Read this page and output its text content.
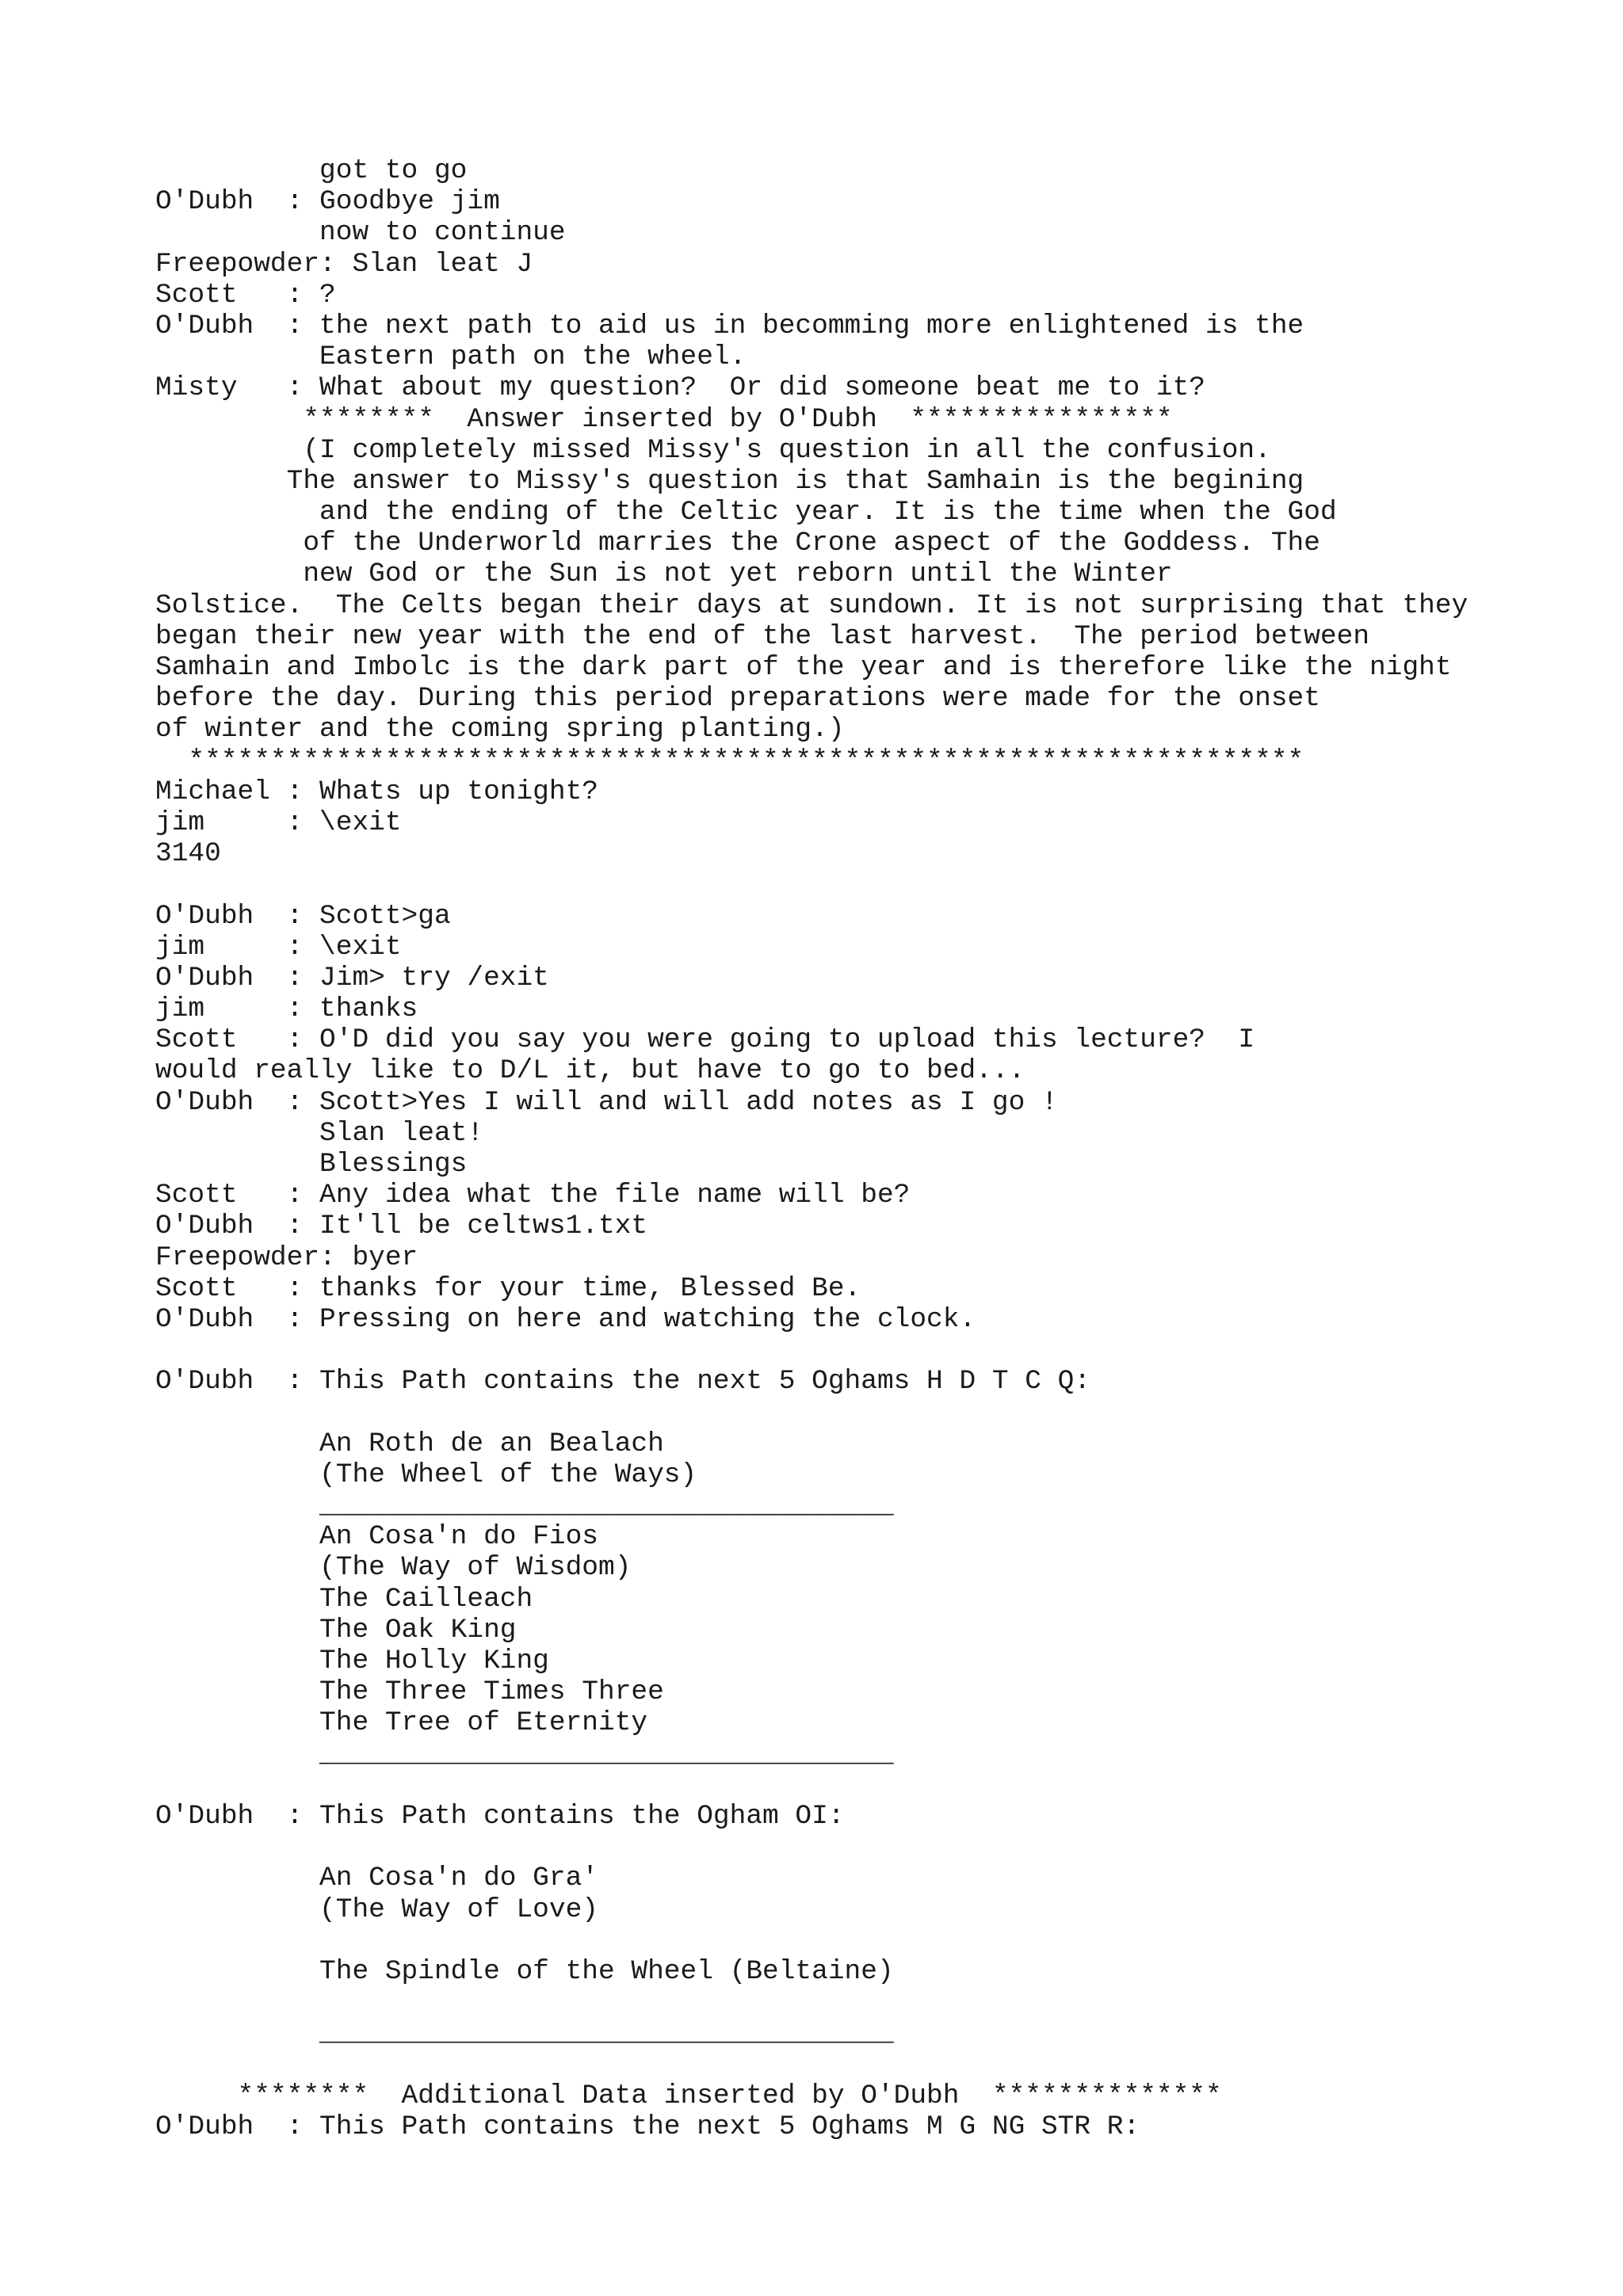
got to go
O'Dubh  : Goodbye jim
now to continue
Freepowder: Slan leat J
Scott   : ?
O'Dubh  : the next path to aid us in becomming more enlightened is the
Eastern path on the wheel.
Misty   : What about my question?  Or did someone beat me to it?
********  Answer inserted by O'Dubh  ****************
(I completely missed Missy's question in all the confusion.
The answer to Missy's question is that Samhain is the begining
and the ending of the Celtic year. It is the time when the God
of the Underworld marries the Crone aspect of the Goddess. The
new God or the Sun is not yet reborn until the Winter
Solstice.  The Celts began their days at sundown. It is not surprising that they
began their new year with the end of the last harvest.  The period between
Samhain and Imbolc is the dark part of the year and is therefore like the night
before the day. During this period preparations were made for the onset
of winter and the coming spring planting.)
********************************************************************
Michael : Whats up tonight?
jim     : \exit
3140
O'Dubh  : Scott>ga
jim     : \exit
O'Dubh  : Jim> try /exit
jim     : thanks
Scott   : O'D did you say you were going to upload this lecture?  I
would really like to D/L it, but have to go to bed...
O'Dubh  : Scott>Yes I will and will add notes as I go !
Slan leat!
Blessings
Scott   : Any idea what the file name will be?
O'Dubh  : It'll be celtws1.txt
Freepowder: byer
Scott   : thanks for your time, Blessed Be.
O'Dubh  : Pressing on here and watching the clock.
O'Dubh  : This Path contains the next 5 Oghams H D T C Q:
An Roth de an Bealach
(The Wheel of the Ways)
___________________________________
An Cosa'n do Fios
(The Way of Wisdom)
The Cailleach
The Oak King
The Holly King
The Three Times Three
The Tree of Eternity
___________________________________
O'Dubh  : This Path contains the Ogham OI:
An Cosa'n do Gra'
(The Way of Love)
The Spindle of the Wheel (Beltaine)
___________________________________
********  Additional Data inserted by O'Dubh  **************
O'Dubh  : This Path contains the next 5 Oghams M G NG STR R:
